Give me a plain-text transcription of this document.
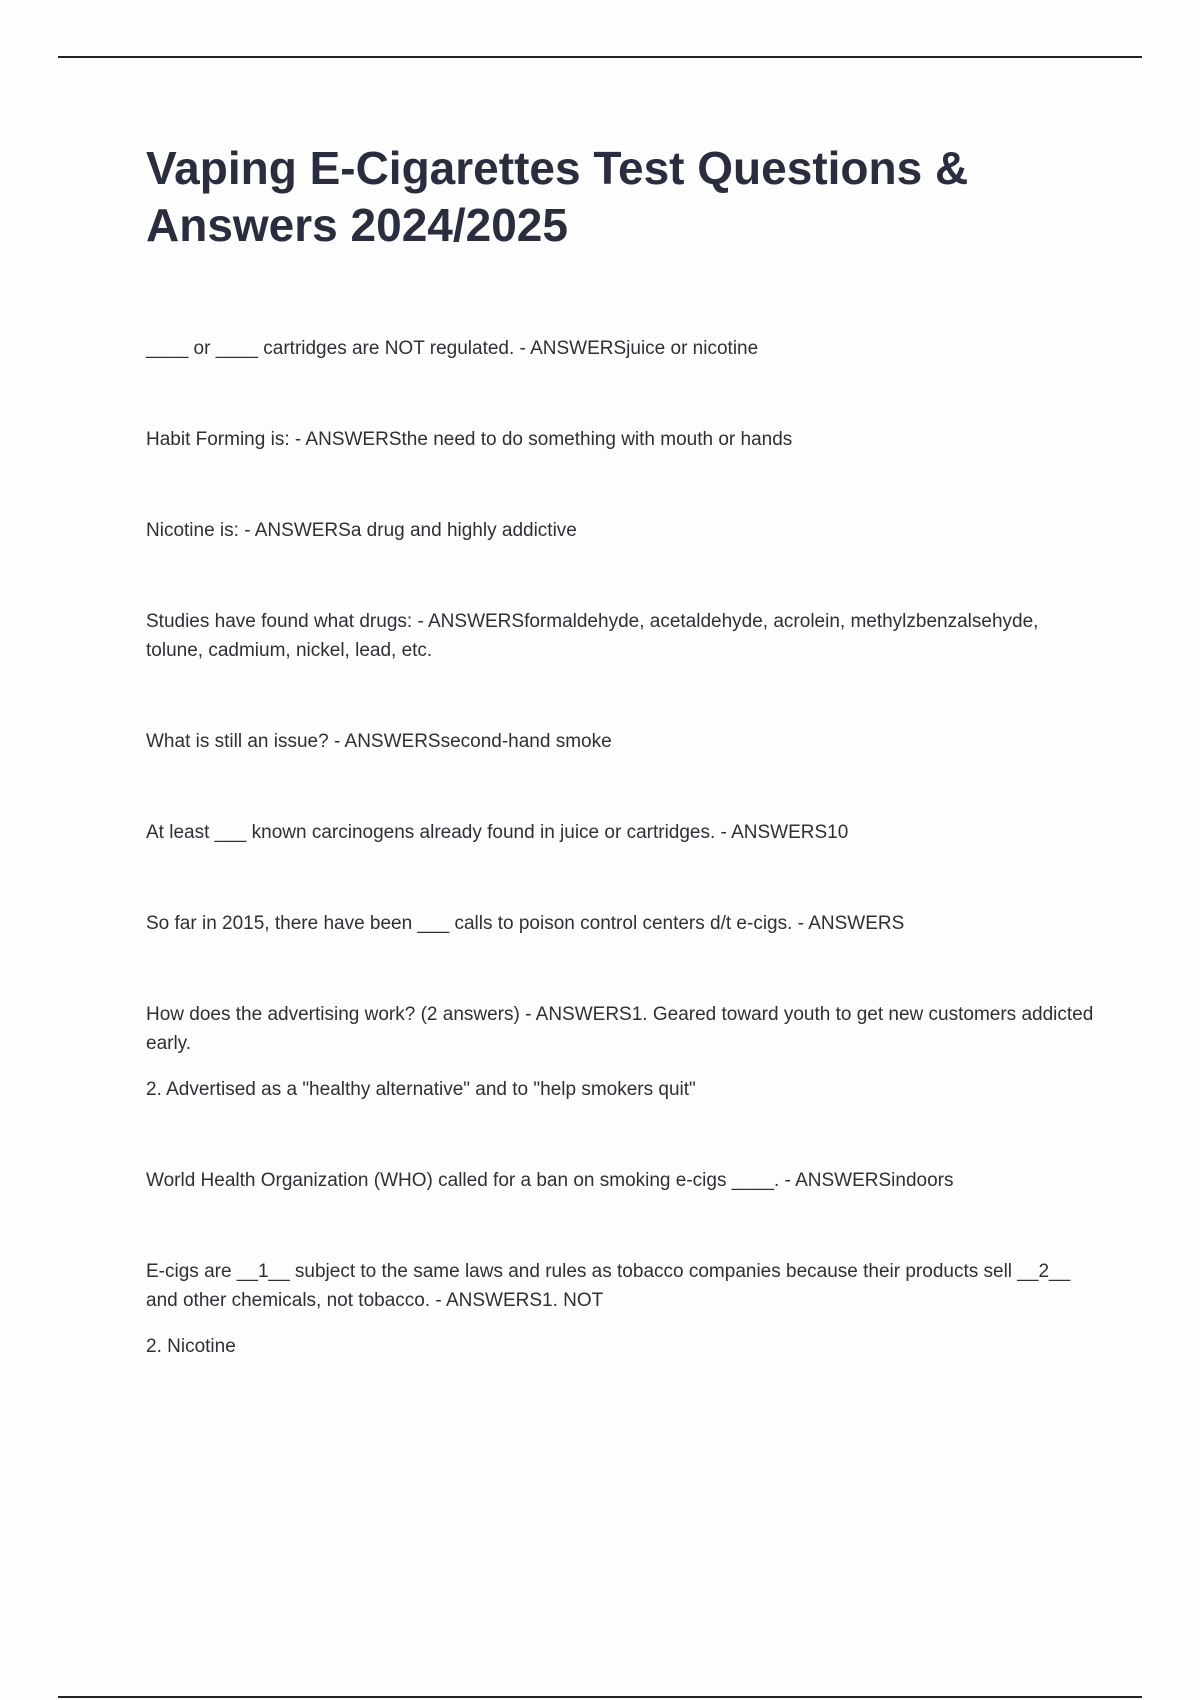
Vaping E-Cigarettes Test Questions & Answers 2024/2025

____ or ____ cartridges are NOT regulated. - ANSWERSjuice or nicotine

Habit Forming is: - ANSWERSthe need to do something with mouth or hands

Nicotine is: - ANSWERSa drug and highly addictive

Studies have found what drugs: - ANSWERSformaldehyde, acetaldehyde, acrolein, methylzbenzalsehyde, tolune, cadmium, nickel, lead, etc.

What is still an issue? - ANSWERSsecond-hand smoke

At least ___ known carcinogens already found in juice or cartridges. - ANSWERS10

So far in 2015, there have been ___ calls to poison control centers d/t e-cigs. - ANSWERS

How does the advertising work? (2 answers) - ANSWERS1. Geared toward youth to get new customers addicted early.

2. Advertised as a "healthy alternative" and to "help smokers quit"

World Health Organization (WHO) called for a ban on smoking e-cigs ____. - ANSWERSindoors

E-cigs are __1__ subject to the same laws and rules as tobacco companies because their products sell __2__ and other chemicals, not tobacco. - ANSWERS1. NOT

2. Nicotine
